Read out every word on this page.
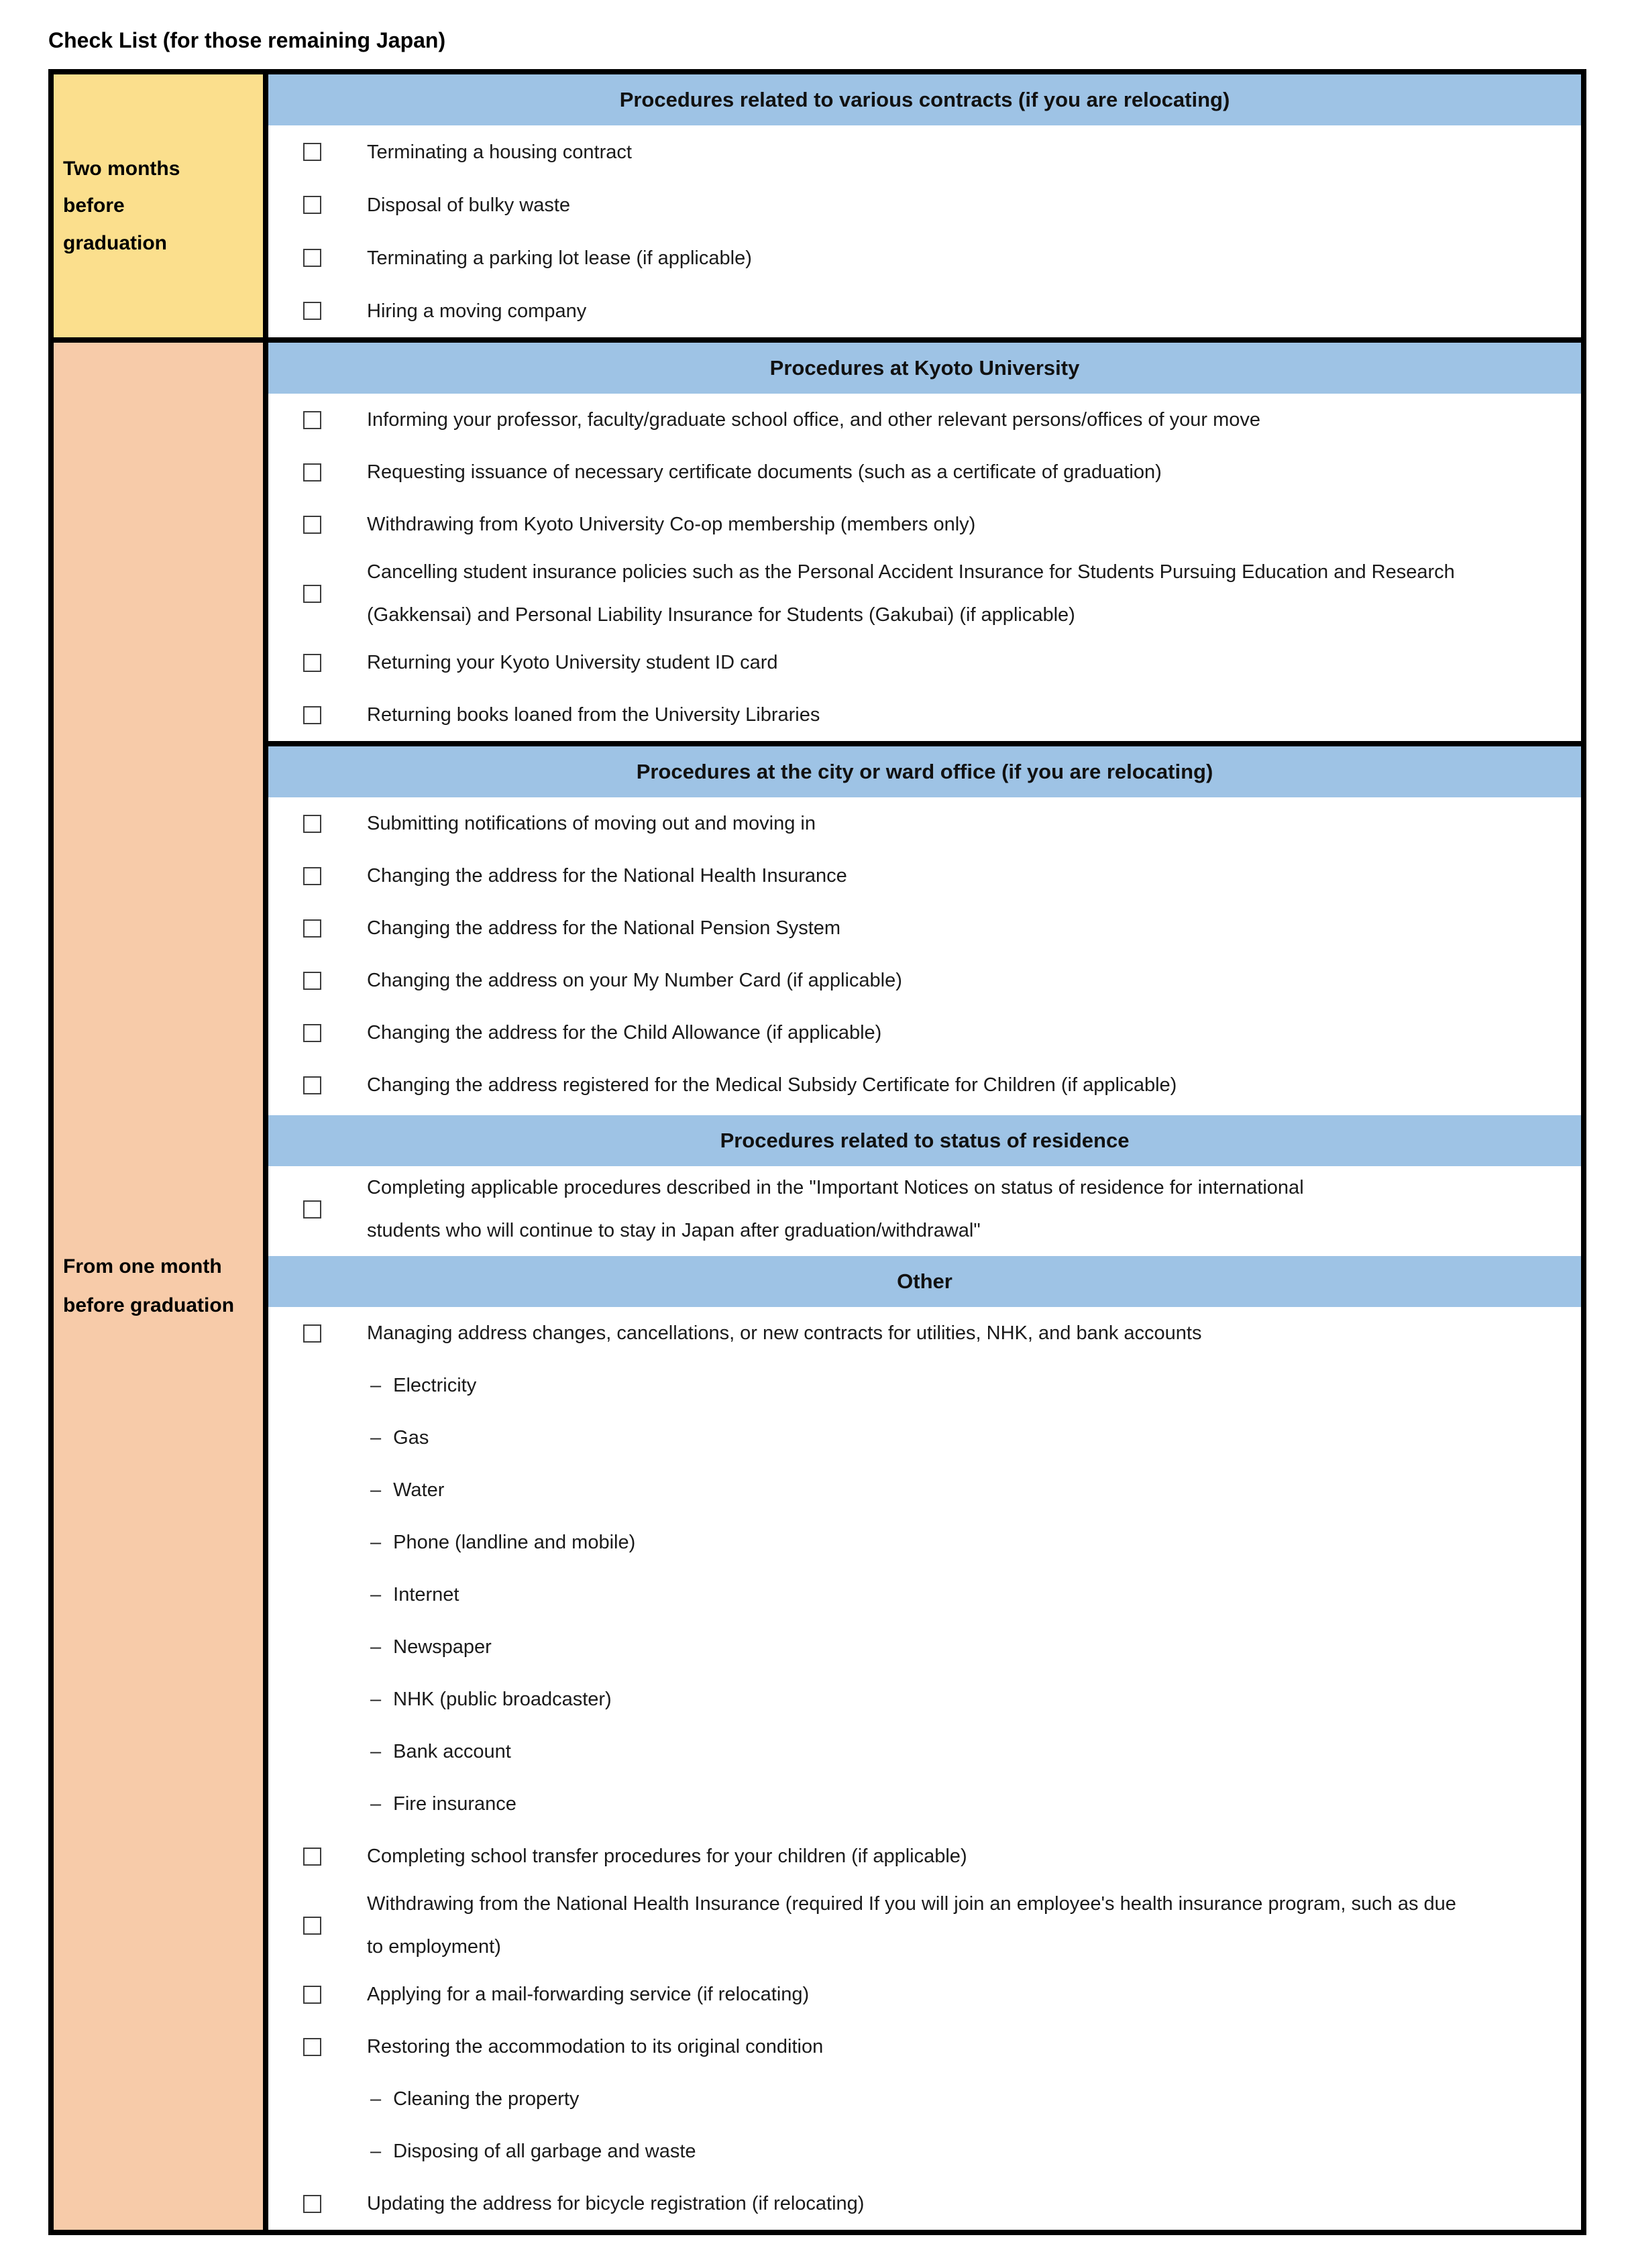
Check List (for those remaining Japan)
Two months before graduation
Procedures related to various contracts (if you are relocating)
Terminating a housing contract
Disposal of bulky waste
Terminating a parking lot lease (if applicable)
Hiring a moving company
From one month before graduation
Procedures at Kyoto University
Informing your professor, faculty/graduate school office, and other relevant persons/offices of your move
Requesting issuance of necessary certificate documents (such as a certificate of graduation)
Withdrawing from Kyoto University Co-op membership (members only)
Cancelling student insurance policies such as the Personal Accident Insurance for Students Pursuing Education and Research
(Gakkensai) and Personal Liability Insurance for Students (Gakubai) (if applicable)
Returning your Kyoto University student ID card
Returning books loaned from the University Libraries
Procedures at the city or ward office (if you are relocating)
Submitting notifications of moving out and moving in
Changing the address for the National Health Insurance
Changing the address for the National Pension System
Changing the address on your My Number Card (if applicable)
Changing the address for the Child Allowance (if applicable)
Changing the address registered for the Medical Subsidy Certificate for Children (if applicable)
Procedures related to status of residence
Completing applicable procedures described in the "Important Notices on status of residence for international
students who will continue to stay in Japan after graduation/withdrawal"
Other
Managing address changes, cancellations, or new contracts for utilities, NHK, and bank accounts
– Electricity
– Gas
– Water
– Phone (landline and mobile)
– Internet
– Newspaper
– NHK (public broadcaster)
– Bank account
– Fire insurance
Completing school transfer procedures for your children (if applicable)
Withdrawing from the National Health Insurance (required If you will join an employee's health insurance program, such as due
to employment)
Applying for a mail-forwarding service (if relocating)
Restoring the accommodation to its original condition
– Cleaning the property
– Disposing of all garbage and waste
Updating the address for bicycle registration (if relocating)
